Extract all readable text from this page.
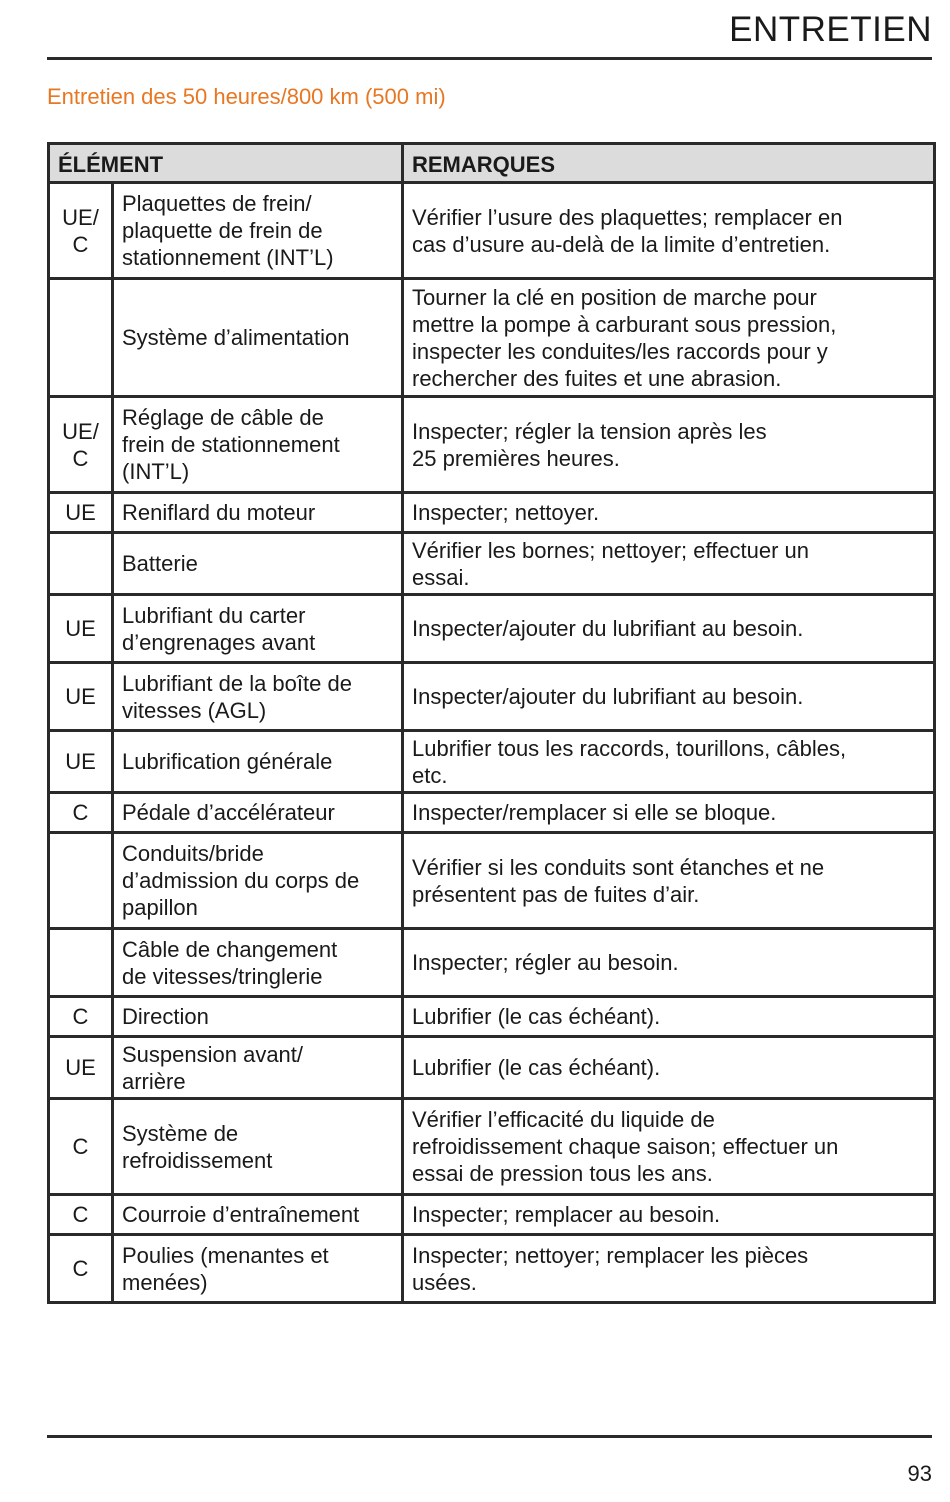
ENTRETIEN
Entretien des 50 heures/800 km (500 mi)
ÉLÉMENT		REMARQUES
UE/
C	Plaquettes de frein/
plaquette de frein de
stationnement (INT’L)	Vérifier l’usure des plaquettes; remplacer en
cas d’usure au-delà de la limite d’entretien.
	Système d’alimentation	Tourner la clé en position de marche pour
mettre la pompe à carburant sous pression,
inspecter les conduites/les raccords pour y
rechercher des fuites et une abrasion.
UE/
C	Réglage de câble de
frein de stationnement
(INT’L)	Inspecter; régler la tension après les
25 premières heures.
UE	Reniflard du moteur	Inspecter; nettoyer.
	Batterie	Vérifier les bornes; nettoyer; effectuer un
essai.
UE	Lubrifiant du carter
d’engrenages avant	Inspecter/ajouter du lubrifiant au besoin.
UE	Lubrifiant de la boîte de
vitesses (AGL)	Inspecter/ajouter du lubrifiant au besoin.
UE	Lubrification générale	Lubrifier tous les raccords, tourillons, câbles,
etc.
C	Pédale d’accélérateur	Inspecter/remplacer si elle se bloque.
	Conduits/bride
d’admission du corps de
papillon	Vérifier si les conduits sont étanches et ne
présentent pas de fuites d’air.
	Câble de changement
de vitesses/tringlerie	Inspecter; régler au besoin.
C	Direction	Lubrifier (le cas échéant).
UE	Suspension avant/
arrière	Lubrifier (le cas échéant).
C	Système de
refroidissement	Vérifier l’efficacité du liquide de
refroidissement chaque saison; effectuer un
essai de pression tous les ans.
C	Courroie d’entraînement	Inspecter; remplacer au besoin.
C	Poulies (menantes et
menées)	Inspecter; nettoyer; remplacer les pièces
usées.
93
